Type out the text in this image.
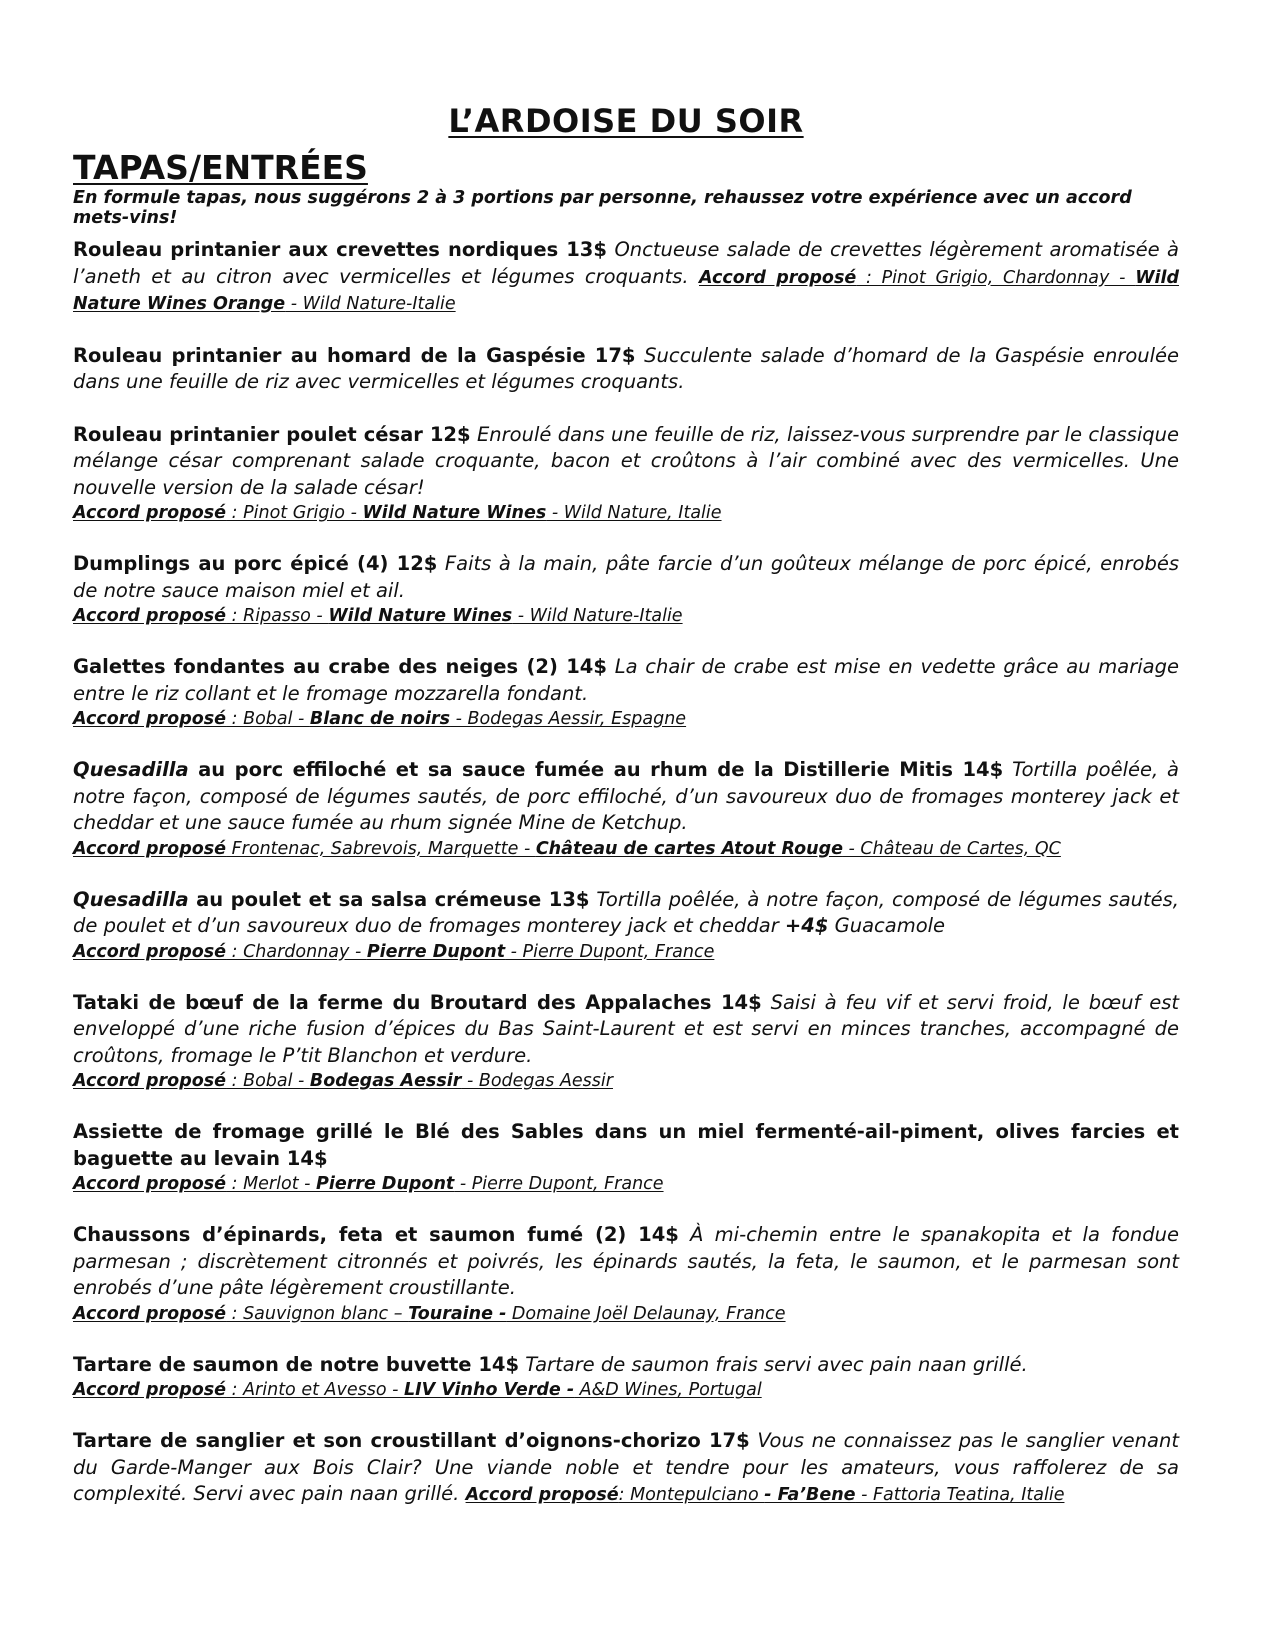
L’ARDOISE DU SOIR
TAPAS/ENTRÉES

En formule tapas, nous suggérons 2 à 3 portions par personne, rehaussez votre expérience avec un accord mets-vins!

Rouleau printanier aux crevettes nordiques 13$ Onctueuse salade de crevettes légèrement aromatisée à l’aneth et au citron avec vermicelles et légumes croquants. Accord proposé : Pinot Grigio, Chardonnay - Wild Nature Wines Orange - Wild Nature-Italie

Rouleau printanier au homard de la Gaspésie 17$ Succulente salade d’homard de la Gaspésie enroulée dans une feuille de riz avec vermicelles et légumes croquants.

Rouleau printanier poulet césar 12$ Enroulé dans une feuille de riz, laissez-vous surprendre par le classique mélange césar comprenant salade croquante, bacon et croûtons à l’air combiné avec des vermicelles. Une nouvelle version de la salade césar!
Accord proposé : Pinot Grigio - Wild Nature Wines - Wild Nature, Italie

Dumplings au porc épicé (4) 12$ Faits à la main, pâte farcie d’un goûteux mélange de porc épicé, enrobés de notre sauce maison miel et ail.
Accord proposé : Ripasso - Wild Nature Wines - Wild Nature-Italie

Galettes fondantes au crabe des neiges (2) 14$ La chair de crabe est mise en vedette grâce au mariage entre le riz collant et le fromage mozzarella fondant.
Accord proposé : Bobal - Blanc de noirs - Bodegas Aessir, Espagne

Quesadilla au porc effiloché et sa sauce fumée au rhum de la Distillerie Mitis 14$ Tortilla poêlée, à notre façon, composé de légumes sautés, de porc effiloché, d’un savoureux duo de fromages monterey jack et cheddar et une sauce fumée au rhum signée Mine de Ketchup.
Accord proposé Frontenac, Sabrevois, Marquette - Château de cartes Atout Rouge - Château de Cartes, QC

Quesadilla au poulet et sa salsa crémeuse 13$ Tortilla poêlée, à notre façon, composé de légumes sautés, de poulet et d’un savoureux duo de fromages monterey jack et cheddar +4$ Guacamole
Accord proposé : Chardonnay - Pierre Dupont - Pierre Dupont, France

Tataki de bœuf de la ferme du Broutard des Appalaches 14$ Saisi à feu vif et servi froid, le bœuf est enveloppé d’une riche fusion d’épices du Bas Saint-Laurent et est servi en minces tranches, accompagné de croûtons, fromage le P’tit Blanchon et verdure.
Accord proposé : Bobal - Bodegas Aessir - Bodegas Aessir

Assiette de fromage grillé le Blé des Sables dans un miel fermenté-ail-piment, olives farcies et baguette au levain 14$
Accord proposé : Merlot - Pierre Dupont - Pierre Dupont, France

Chaussons d’épinards, feta et saumon fumé (2) 14$ À mi-chemin entre le spanakopita et la fondue parmesan ; discrètement citronnés et poivrés, les épinards sautés, la feta, le saumon, et le parmesan sont enrobés d’une pâte légèrement croustillante.
Accord proposé : Sauvignon blanc – Touraine - Domaine Joël Delaunay, France

Tartare de saumon de notre buvette 14$ Tartare de saumon frais servi avec pain naan grillé.
Accord proposé : Arinto et Avesso - LIV Vinho Verde - A&D Wines, Portugal

Tartare de sanglier et son croustillant d’oignons-chorizo 17$ Vous ne connaissez pas le sanglier venant du Garde-Manger aux Bois Clair? Une viande noble et tendre pour les amateurs, vous raffolerez de sa complexité. Servi avec pain naan grillé. Accord proposé: Montepulciano - Fa’Bene - Fattoria Teatina, Italie
